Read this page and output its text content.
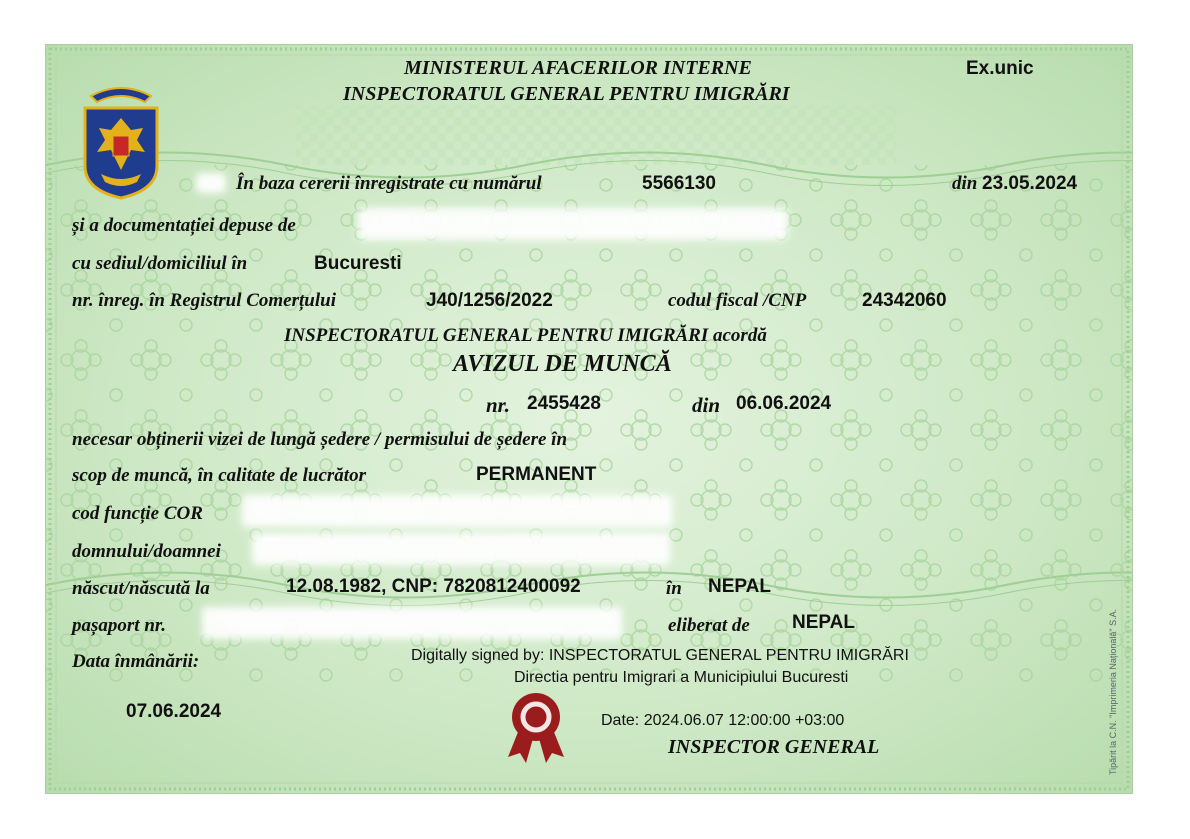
MINISTERUL AFACERILOR INTERNE
INSPECTORATUL GENERAL PENTRU IMIGRĂRI
Ex.unic
În baza cererii înregistrate cu numărul	5566130	din 23.05.2024
și a documentației depuse de
cu sediul/domiciliul în	Bucuresti
nr. înreg. în Registrul Comerțului	J40/1256/2022	codul fiscal /CNP	24342060
INSPECTORATUL GENERAL PENTRU IMIGRĂRI acordă
AVIZUL DE MUNCĂ
nr. 2455428	din 06.06.2024
necesar obținerii vizei de lungă ședere / permisului de ședere în
scop de muncă, în calitate de lucrător	PERMANENT
cod funcție COR
domnului/doamnei
născut/născută la	12.08.1982, CNP: 7820812400092	în NEPAL
pașaport nr.	eliberat de NEPAL
Data înmânării:
07.06.2024
Digitally signed by: INSPECTORATUL GENERAL PENTRU IMIGRĂRI
Directia pentru Imigrari a Municipiului Bucuresti
Date: 2024.06.07 12:00:00 +03:00
INSPECTOR GENERAL	Tipărit la C.N. "Imprimeria Națională" S.A.
